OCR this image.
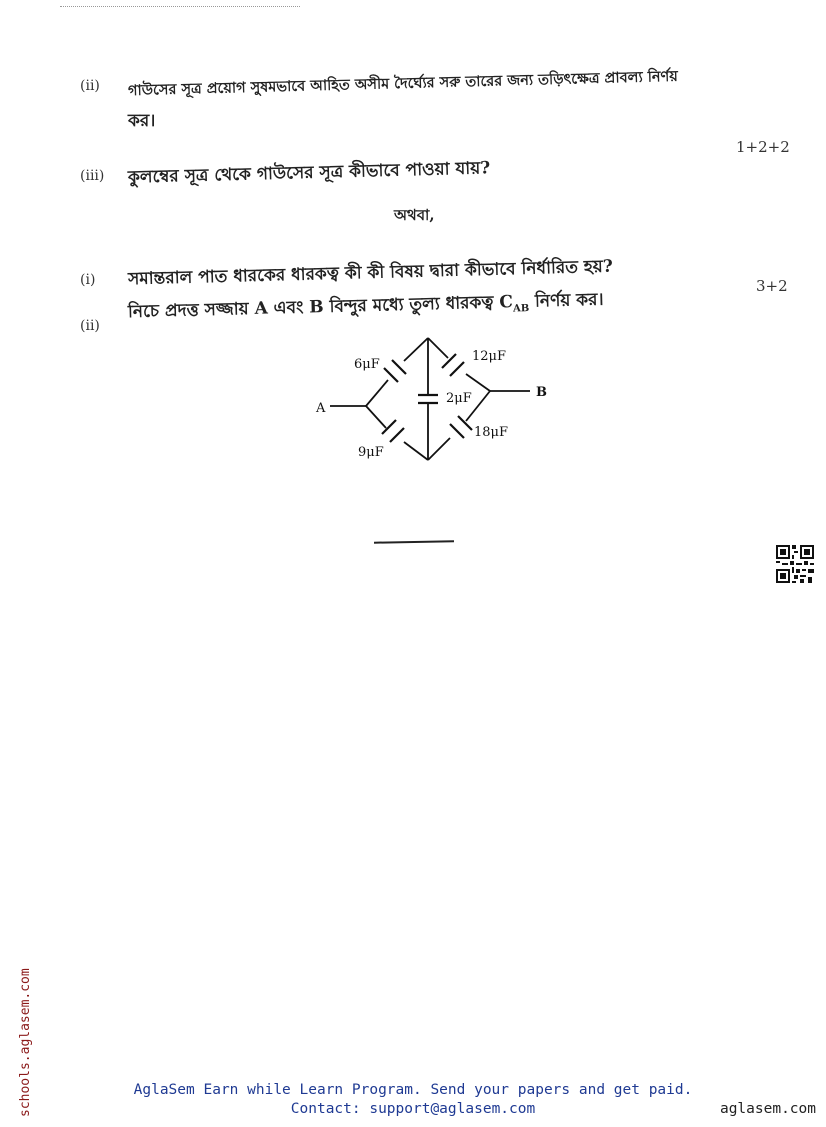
(ii) গাউসের সূত্র প্রয়োগ সুষমভাবে আহিত অসীম দৈর্ঘ্যের সরু তারের জন্য তড়িৎক্ষেত্র প্রাবল্য নির্ণয়
কর।
1+2+2
(iii) কুলম্বের সূত্র থেকে গাউসের সূত্র কীভাবে পাওয়া যায়?
অথবা,
(i) সমান্তরাল পাত ধারকের ধারকত্ব কী কী বিষয় দ্বারা কীভাবে নির্ধারিত হয়?	3+2
(ii)
নিচে প্রদত্ত সজ্জায় A এবং B বিন্দুর মধ্যে তুল্য ধারকত্ব $C_{AB}$ নির্ণয় কর।
A
B
6μF
12μF
2μF
9μF
18μF
schools.aglasem.com	AglaSem Earn while Learn Program. Send your papers and get paid.
Contact: support@aglasem.com	aglasem.com
